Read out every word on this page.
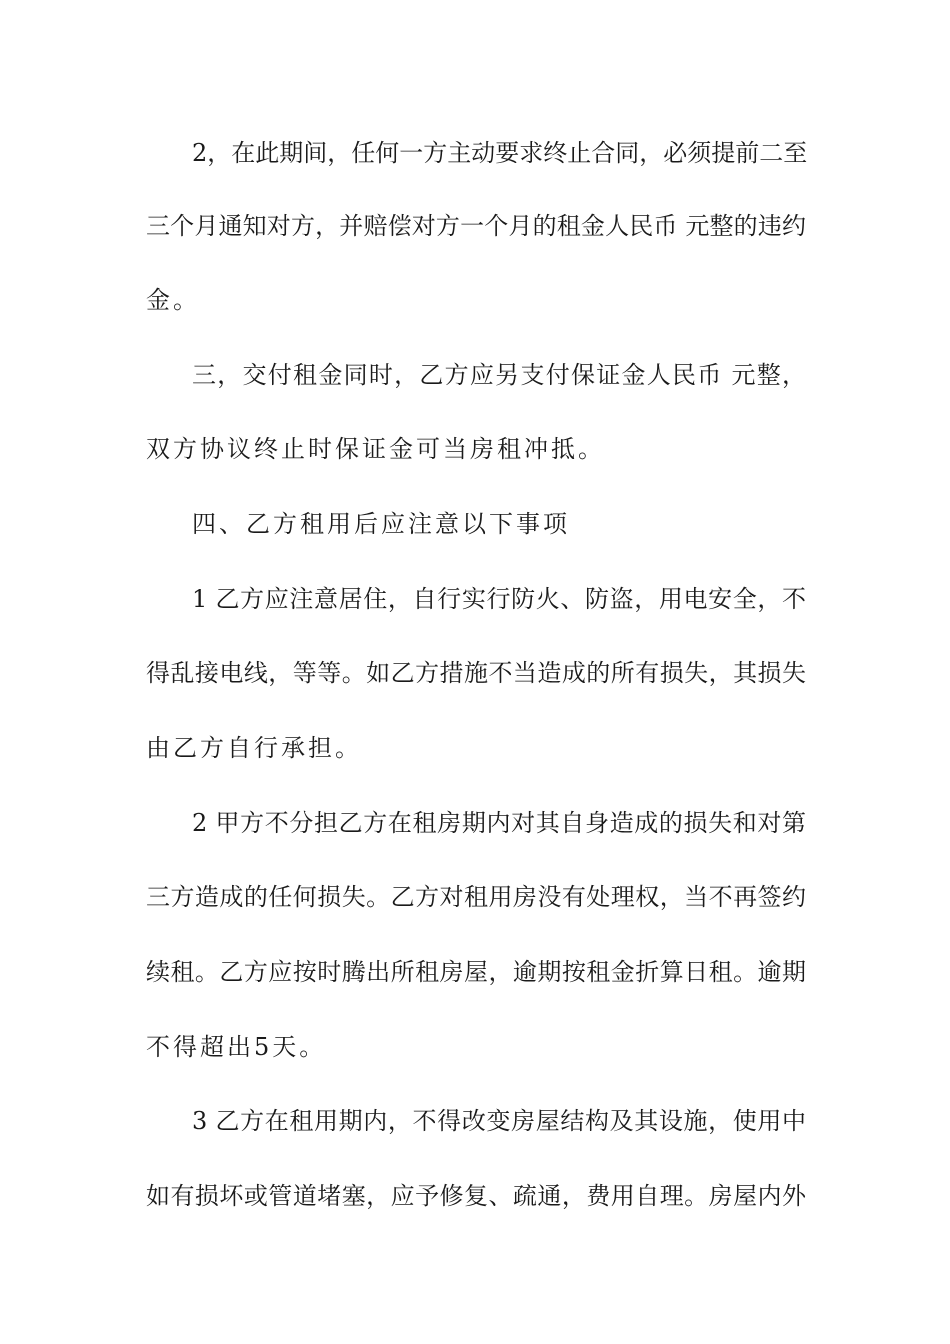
2，在此期间，任何一方主动要求终止合同，必须提前二至
三个月通知对方，并赔偿对方一个月的租金人民币 元整的违约
金。
三，交付租金同时，乙方应另支付保证金人民币 元整，
双方协议终止时保证金可当房租冲抵。
四、乙方租用后应注意以下事项
1 乙方应注意居住，自行实行防火、防盗，用电安全，不
得乱接电线，等等。如乙方措施不当造成的所有损失，其损失
由乙方自行承担。
2 甲方不分担乙方在租房期内对其自身造成的损失和对第
三方造成的任何损失。乙方对租用房没有处理权，当不再签约
续租。乙方应按时腾出所租房屋，逾期按租金折算日租。逾期
不得超出5天。
3 乙方在租用期内，不得改变房屋结构及其设施，使用中
如有损坏或管道堵塞，应予修复、疏通，费用自理。房屋内外
